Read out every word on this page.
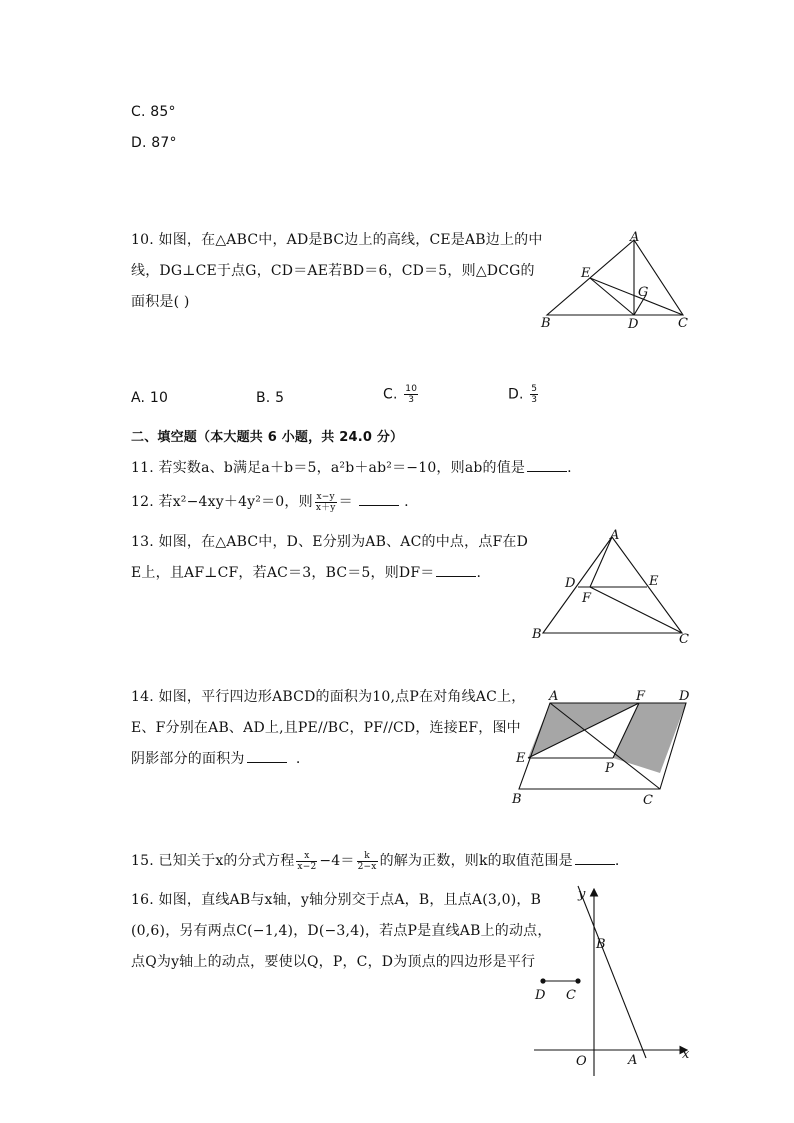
C. 85°
D. 87°
10. 如图，在△ABC中，AD是BC边上的高线，CE是AB边上的中
线，DG⊥CE于点G，CD＝AE若BD＝6，CD＝5，则△DCG的
面积是( )
A
E
G
B	D	C
A. 10	B. 5	C. $\frac{10}{3}$	D. $\frac{5}{3}$
二、填空题（本大题共 6 小题，共 24.0 分）
11. 若实数a、b满足a＋b＝5，a²b＋ab²＝−10，则ab的值是	.
12. 若x²−4xy＋4y²＝0，则 $\frac{x-y}{x+y}$ ＝	.
13. 如图，在△ABC中，D、E分别为AB、AC的中点，点F在D
E上，且AF⊥CF，若AC＝3，BC＝5，则DF＝	.
A
D	E
F
B	C
14. 如图，平行四边形ABCD的面积为10,点P在对角线AC上，
E、F分别在AB、AD上,且PE//BC，PF//CD，连接EF，图中
阴影部分的面积为	.
A	F	D
E
P
B	C
15. 已知关于x的分式方程 $\frac{x}{x-2} -4= \frac{k}{2-x}$ 的解为正数，则k的取值范围是	.
16. 如图，直线AB与x轴，y轴分别交于点A，B，且点A(3,0)，B
(0,6)，另有两点C(−1,4)，D(−3,4)，若点P是直线AB上的动点，
点Q为y轴上的动点，要使以Q，P，C，D为顶点的四边形是平行
y
x
B
D C
O	A
